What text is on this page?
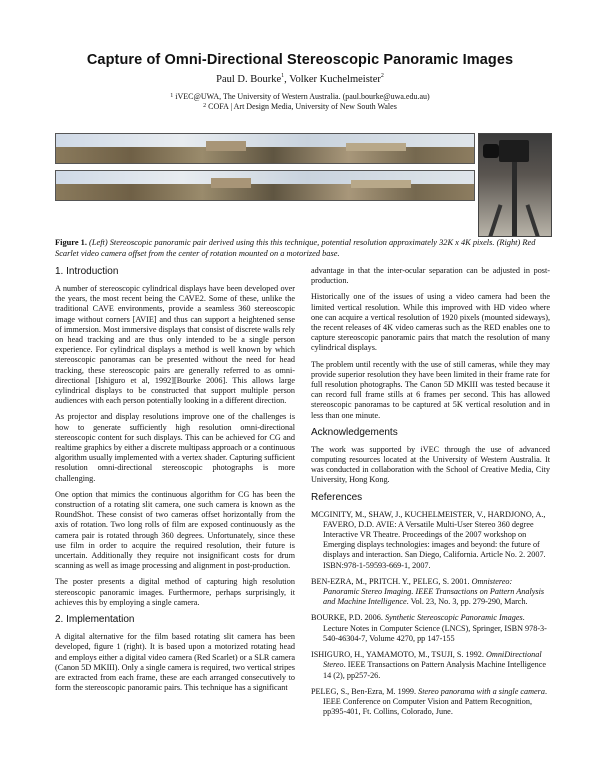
Capture of Omni-Directional Stereoscopic Panoramic Images
Paul D. Bourke$^1$, Volker Kuchelmeister$^2$
$^1$ iVEC@UWA, The University of Western Australia. (paul.bourke@uwa.edu.au)
$^2$ COFA | Art Design Media, University of New South Wales
Figure 1. (Left) Stereoscopic panoramic pair derived using this this technique, potential resolution approximately 32K x 4K pixels. (Right) Red Scarlet video camera offset from the center of rotation mounted on a motorized base.
1. Introduction

A number of stereoscopic cylindrical displays have been developed over the years, the most recent being the CAVE2. Some of these, unlike the traditional CAVE environments, provide a seamless 360 stereoscopic image without corners [AVIE] and thus can support a heightened sense of immersion. Most immersive displays that consist of discrete walls rely on head tracking and are thus only intended to be a single person experience. For cylindrical displays a method is well known by which stereoscopic panoramas can be presented without the need for head tracking, these stereoscopic pairs are generally referred to as omni-directional [Ishiguro et al, 1992][Bourke 2006]. This allows large cylindrical displays to be constructed that support multiple person audiences with each person potentially looking in a different direction.

As projector and display resolutions improve one of the challenges is how to generate sufficiently high resolution omni-directional stereoscopic content for such displays. This can be achieved for CG and realtime graphics by either a discrete multipass approach or a continuous algorithm usually implemented with a vertex shader. Capturing sufficient resolution omni-directional stereoscopic photographs is more challenging.

One option that mimics the continuous algorithm for CG has been the construction of a rotating slit camera, one such camera is known as the RoundShot. These consist of two cameras offset horizontally from the axis of rotation. Two long rolls of film are exposed continuously as the camera pair is rotated through 360 degrees. Unfortunately, since these use film in order to acquire the required resolution, their future is uncertain. Additionally they require not insignificant costs for drum scanning as well as image processing and alignment in post-production.

The poster presents a digital method of capturing high resolution stereoscopic panoramic images. Furthermore, perhaps surprisingly, it achieves this by employing a single camera.

2. Implementation

A digital alternative for the film based rotating slit camera has been developed, figure 1 (right). It is based upon a motorized rotating head and employs either a digital video camera (Red Scarlet) or a SLR camera (Canon 5D MKIII). Only a single camera is required, two vertical stripes are extracted from each frame, these are each arranged consecutively to form the stereoscopic panoramic pairs. This technique has a significant

advantage in that the inter-ocular separation can be adjusted in post-production.

Historically one of the issues of using a video camera had been the limited vertical resolution. While this improved with HD video where one can acquire a vertical resolution of 1920 pixels (mounted sideways), the recent releases of 4K video cameras such as the RED enables one to capture stereoscopic panoramic pairs that match the resolution of many cylindrical displays.

The problem until recently with the use of still cameras, while they may provide superior resolution they have been limited in their frame rate for full resolution photographs. The Canon 5D MKIII was tested because it can record full frame stills at 6 frames per second. This has allowed stereoscopic panoramas to be captured at 5K vertical resolution and in less than one minute.

Acknowledgements

The work was supported by iVEC through the use of advanced computing resources located at the University of Western Australia. It was conducted in collaboration with the School of Creative Media, City University, Hong Kong.

References

MCGINITY, M., SHAW, J., KUCHELMEISTER, V., HARDJONO, A., FAVERO, D.D. AVIE: A Versatile Multi-User Stereo 360 degree Interactive VR Theatre. Proceedings of the 2007 workshop on Emerging displays technologies: images and beyond: the future of displays and interaction. San Diego, California. Article No. 2. 2007. ISBN:978-1-59593-669-1, 2007.

BEN-EZRA, M., PRITCH. Y., PELEG, S. 2001. Omnistereo: Panoramic Stereo Imaging. IEEE Transactions on Pattern Analysis and Machine Intelligence. Vol. 23, No. 3, pp. 279-290, March.

BOURKE, P.D. 2006. Synthetic Stereoscopic Panoramic Images. Lecture Notes in Computer Science (LNCS), Springer, ISBN 978-3-540-46304-7, Volume 4270, pp 147-155

ISHIGURO, H., YAMAMOTO, M., TSUJI, S. 1992. OmniDirectional Stereo. IEEE Transactions on Pattern Analysis Machine Intelligence 14 (2), pp257-26.

PELEG, S., Ben-Ezra, M. 1999. Stereo panorama with a single camera. IEEE Conference on Computer Vision and Pattern Recognition, pp395-401, Ft. Collins, Colorado, June.
